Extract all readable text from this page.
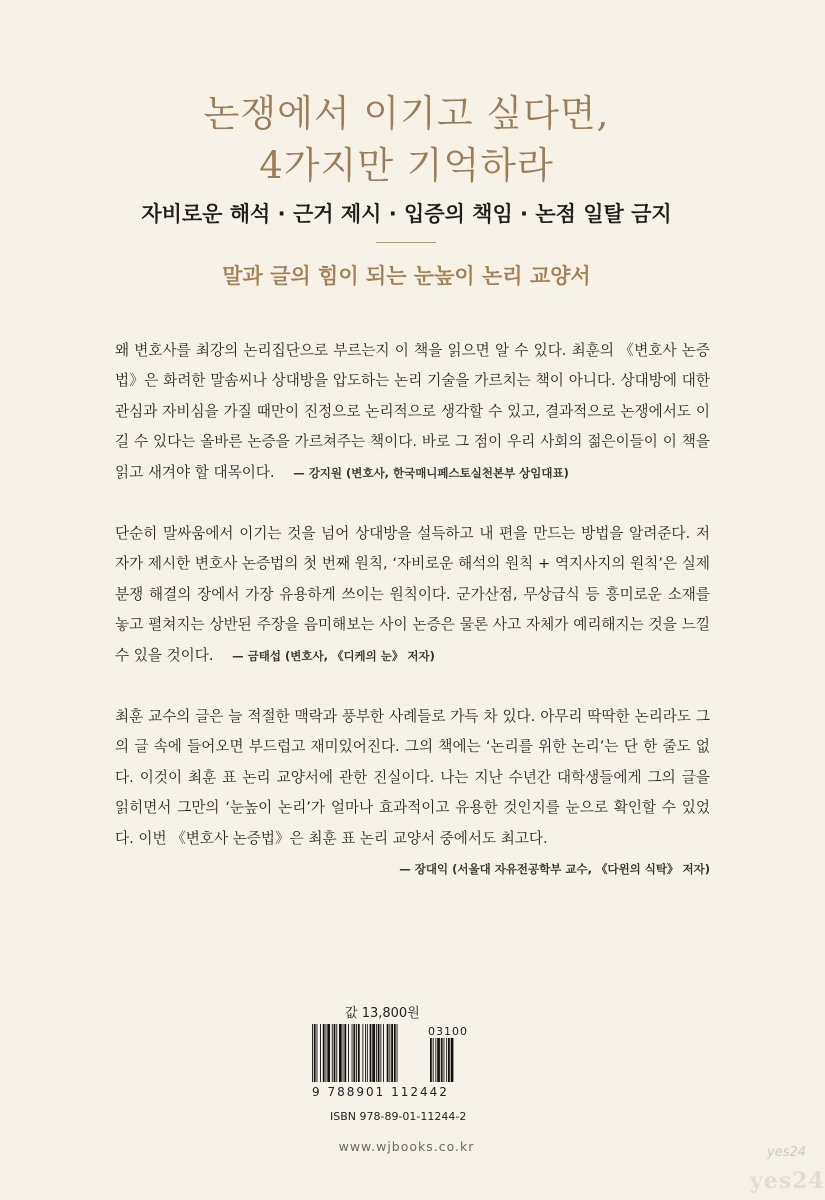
논쟁에서 이기고 싶다면,
4가지만 기억하라
자비로운 해석 · 근거 제시 · 입증의 책임 · 논점 일탈 금지
말과 글의 힘이 되는 눈높이 논리 교양서

왜 변호사를 최강의 논리집단으로 부르는지 이 책을 읽으면 알 수 있다. 최훈의 《변호사 논증법》은 화려한 말솜씨나 상대방을 압도하는 논리 기술을 가르치는 책이 아니다. 상대방에 대한 관심과 자비심을 가질 때만이 진정으로 논리적으로 생각할 수 있고, 결과적으로 논쟁에서도 이길 수 있다는 올바른 논증을 가르쳐주는 책이다. 바로 그 점이 우리 사회의 젊은이들이 이 책을 읽고 새겨야 할 대목이다. — 강지원 (변호사, 한국매니페스토실천본부 상임대표)

단순히 말싸움에서 이기는 것을 넘어 상대방을 설득하고 내 편을 만드는 방법을 알려준다. 저자가 제시한 변호사 논증법의 첫 번째 원칙, ‘자비로운 해석의 원칙 + 역지사지의 원칙’은 실제 분쟁 해결의 장에서 가장 유용하게 쓰이는 원칙이다. 군가산점, 무상급식 등 흥미로운 소재를 놓고 펼쳐지는 상반된 주장을 음미해보는 사이 논증은 물론 사고 자체가 예리해지는 것을 느낄 수 있을 것이다. — 금태섭 (변호사, 《디케의 눈》 저자)

최훈 교수의 글은 늘 적절한 맥락과 풍부한 사례들로 가득 차 있다. 아무리 딱딱한 논리라도 그의 글 속에 들어오면 부드럽고 재미있어진다. 그의 책에는 ‘논리를 위한 논리’는 단 한 줄도 없다. 이것이 최훈 표 논리 교양서에 관한 진실이다. 나는 지난 수년간 대학생들에게 그의 글을 읽히면서 그만의 ‘눈높이 논리’가 얼마나 효과적이고 유용한 것인지를 눈으로 확인할 수 있었다. 이번 《변호사 논증법》은 최훈 표 논리 교양서 중에서도 최고다.

— 장대익 (서울대 자유전공학부 교수, 《다윈의 식탁》 저자)
값 13,800원
03100
9 788901 112442
ISBN 978-89-01-11244-2
www.wjbooks.co.kr	yes24
yes24
